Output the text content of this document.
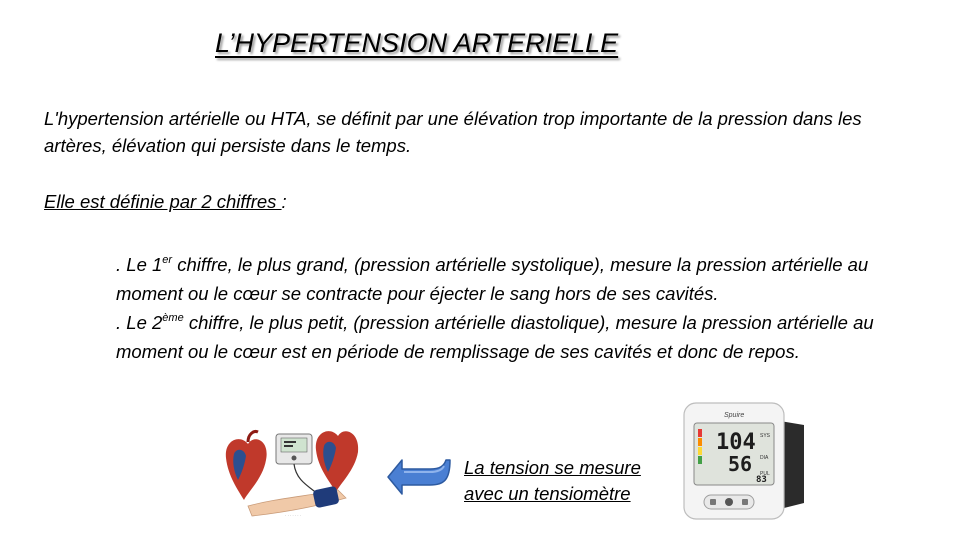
L’HYPERTENSION ARTERIELLE
L'hypertension artérielle ou HTA, se définit par une élévation trop importante de la pression dans les artères, élévation qui persiste dans le temps.
Elle est définie par 2 chiffres :

. Le 1er chiffre, le plus grand, (pression artérielle systolique), mesure la pression artérielle au moment ou le cœur se contracte pour éjecter le sang hors de ses cavités.

. Le 2ème chiffre, le plus petit, (pression artérielle diastolique), mesure la pression artérielle au moment ou le cœur est en période de remplissage de ses cavités et donc de repos.

· · · · · · ·
La tension se mesure
avec un tensiomètre
Spuire
104
56
83
SYS
DIA
PUL
